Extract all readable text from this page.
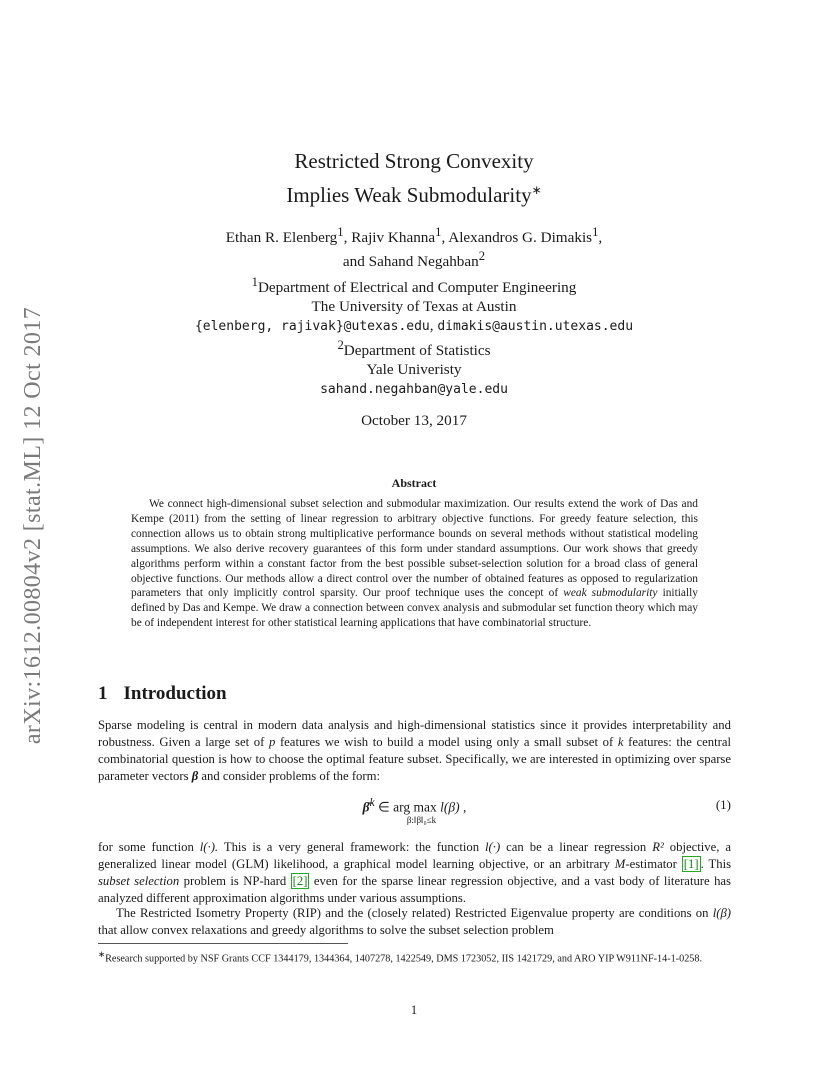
arXiv:1612.00804v2 [stat.ML] 12 Oct 2017
Restricted Strong Convexity
Implies Weak Submodularity∗
Ethan R. Elenberg$^1$, Rajiv Khanna$^1$, Alexandros G. Dimakis$^1$,
and Sahand Negahban$^2$
$^1$Department of Electrical and Computer Engineering
The University of Texas at Austin
{elenberg, rajivak}@utexas.edu, dimakis@austin.utexas.edu
$^2$Department of Statistics
Yale Univeristy
sahand.negahban@yale.edu
October 13, 2017
Abstract
We connect high-dimensional subset selection and submodular maximization. Our results extend the work of Das and Kempe (2011) from the setting of linear regression to arbitrary objective functions. For greedy feature selection, this connection allows us to obtain strong multiplicative performance bounds on several methods without statistical modeling assumptions. We also derive recovery guarantees of this form under standard assumptions. Our work shows that greedy algorithms perform within a constant factor from the best possible subset-selection solution for a broad class of general objective functions. Our methods allow a direct control over the number of obtained features as opposed to regularization parameters that only implicitly control sparsity. Our proof technique uses the concept of weak submodularity initially defined by Das and Kempe. We draw a connection between convex analysis and submodular set function theory which may be of independent interest for other statistical learning applications that have combinatorial structure.
1 Introduction
Sparse modeling is central in modern data analysis and high-dimensional statistics since it provides interpretability and robustness. Given a large set of p features we wish to build a model using only a small subset of k features: the central combinatorial question is how to choose the optimal feature subset. Specifically, we are interested in optimizing over sparse parameter vectors β and consider problems of the form:
β̄$^k$ ∈ arg max l(β) ,
β:‖β‖₀≤k
(1)
for some function l(·). This is a very general framework: the function l(·) can be a linear regression R² objective, a generalized linear model (GLM) likelihood, a graphical model learning objective, or an arbitrary M-estimator [1] . This subset selection problem is NP-hard [2] even for the sparse linear regression objective, and a vast body of literature has analyzed different approximation algorithms under various assumptions.
The Restricted Isometry Property (RIP) and the (closely related) Restricted Eigenvalue property are conditions on l(β) that allow convex relaxations and greedy algorithms to solve the subset selection problem
∗Research supported by NSF Grants CCF 1344179, 1344364, 1407278, 1422549, DMS 1723052, IIS 1421729, and ARO YIP W911NF-14-1-0258.
1
